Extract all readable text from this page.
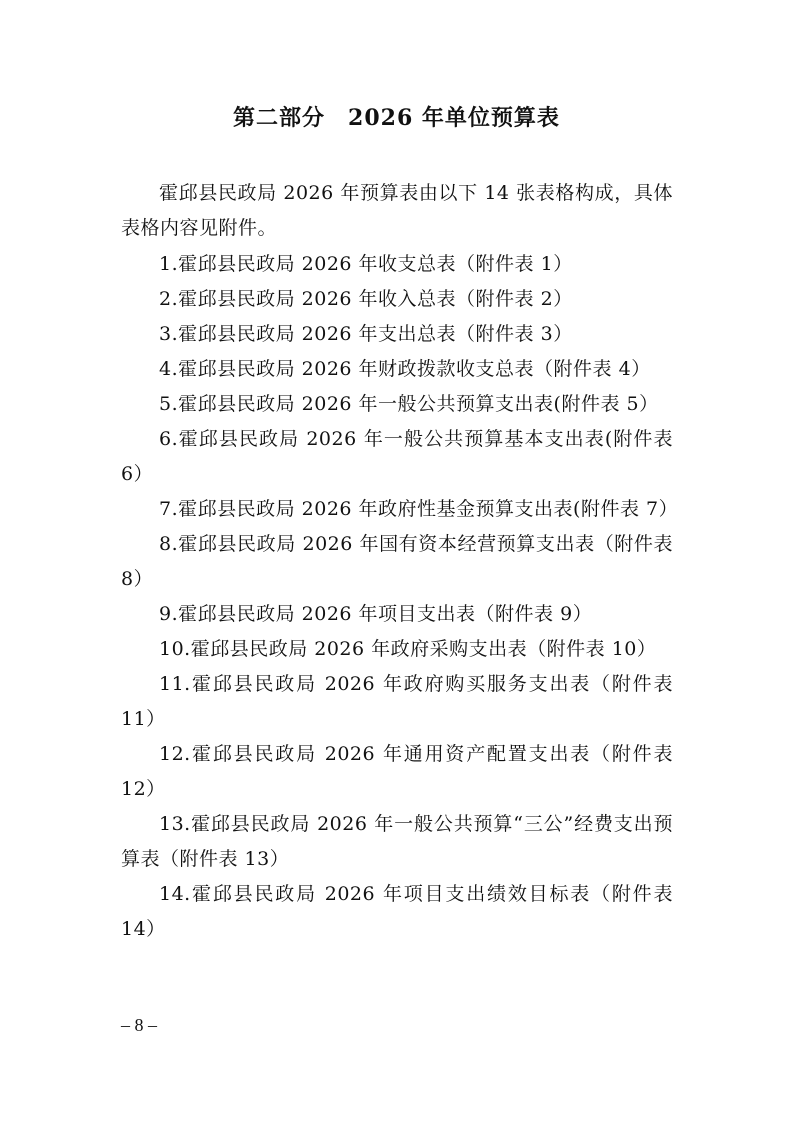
第二部分　2026 年单位预算表

霍邱县民政局 2026 年预算表由以下 14 张表格构成，具体表格内容见附件。

1.霍邱县民政局 2026 年收支总表（附件表 1）
2.霍邱县民政局 2026 年收入总表（附件表 2）
3.霍邱县民政局 2026 年支出总表（附件表 3）
4.霍邱县民政局 2026 年财政拨款收支总表（附件表 4）
5.霍邱县民政局 2026 年一般公共预算支出表(附件表 5）
6.霍邱县民政局 2026 年一般公共预算基本支出表(附件表 6）
7.霍邱县民政局 2026 年政府性基金预算支出表(附件表 7）
8.霍邱县民政局 2026 年国有资本经营预算支出表（附件表 8）
9.霍邱县民政局 2026 年项目支出表（附件表 9）
10.霍邱县民政局 2026 年政府采购支出表（附件表 10）
11.霍邱县民政局 2026 年政府购买服务支出表（附件表 11）
12.霍邱县民政局 2026 年通用资产配置支出表（附件表 12）
13.霍邱县民政局 2026 年一般公共预算“三公”经费支出预算表（附件表 13）
14.霍邱县民政局 2026 年项目支出绩效目标表（附件表 14）
– 8 –
